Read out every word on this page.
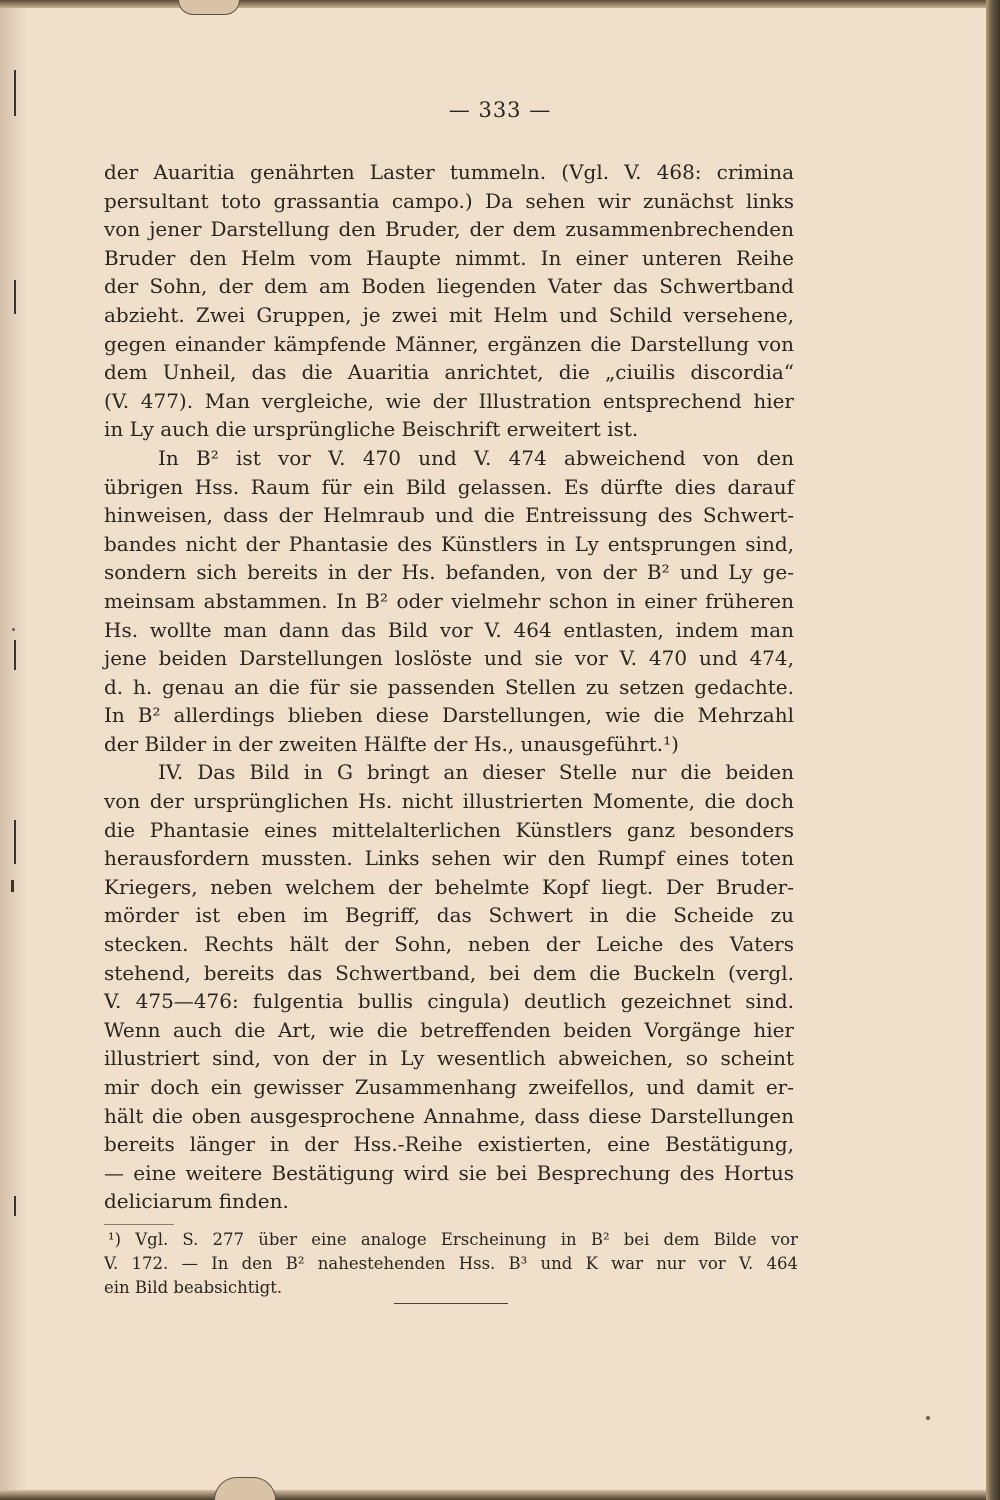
— 333 —
der Auaritia genährten Laster tummeln. (Vgl. V. 468: crimina
persultant toto grassantia campo.) Da sehen wir zunächst links
von jener Darstellung den Bruder, der dem zusammenbrechenden
Bruder den Helm vom Haupte nimmt. In einer unteren Reihe
der Sohn, der dem am Boden liegenden Vater das Schwertband
abzieht. Zwei Gruppen, je zwei mit Helm und Schild versehene,
gegen einander kämpfende Männer, ergänzen die Darstellung von
dem Unheil, das die Auaritia anrichtet, die „ciuilis discordia“
(V. 477). Man vergleiche, wie der Illustration entsprechend hier
in Ly auch die ursprüngliche Beischrift erweitert ist.
In B² ist vor V. 470 und V. 474 abweichend von den
übrigen Hss. Raum für ein Bild gelassen. Es dürfte dies darauf
hinweisen, dass der Helmraub und die Entreissung des Schwert-
bandes nicht der Phantasie des Künstlers in Ly entsprungen sind,
sondern sich bereits in der Hs. befanden, von der B² und Ly ge-
meinsam abstammen. In B² oder vielmehr schon in einer früheren
Hs. wollte man dann das Bild vor V. 464 entlasten, indem man
jene beiden Darstellungen loslöste und sie vor V. 470 und 474,
d. h. genau an die für sie passenden Stellen zu setzen gedachte.
In B² allerdings blieben diese Darstellungen, wie die Mehrzahl
der Bilder in der zweiten Hälfte der Hs., unausgeführt.¹)
IV. Das Bild in G bringt an dieser Stelle nur die beiden
von der ursprünglichen Hs. nicht illustrierten Momente, die doch
die Phantasie eines mittelalterlichen Künstlers ganz besonders
herausfordern mussten. Links sehen wir den Rumpf eines toten
Kriegers, neben welchem der behelmte Kopf liegt. Der Bruder-
mörder ist eben im Begriff, das Schwert in die Scheide zu
stecken. Rechts hält der Sohn, neben der Leiche des Vaters
stehend, bereits das Schwertband, bei dem die Buckeln (vergl.
V. 475—476: fulgentia bullis cingula) deutlich gezeichnet sind.
Wenn auch die Art, wie die betreffenden beiden Vorgänge hier
illustriert sind, von der in Ly wesentlich abweichen, so scheint
mir doch ein gewisser Zusammenhang zweifellos, und damit er-
hält die oben ausgesprochene Annahme, dass diese Darstellungen
bereits länger in der Hss.-Reihe existierten, eine Bestätigung,
— eine weitere Bestätigung wird sie bei Besprechung des Hortus
deliciarum finden.
¹) Vgl. S. 277 über eine analoge Erscheinung in B² bei dem Bilde vor
V. 172. — In den B² nahestehenden Hss. B³ und K war nur vor V. 464
ein Bild beabsichtigt.
